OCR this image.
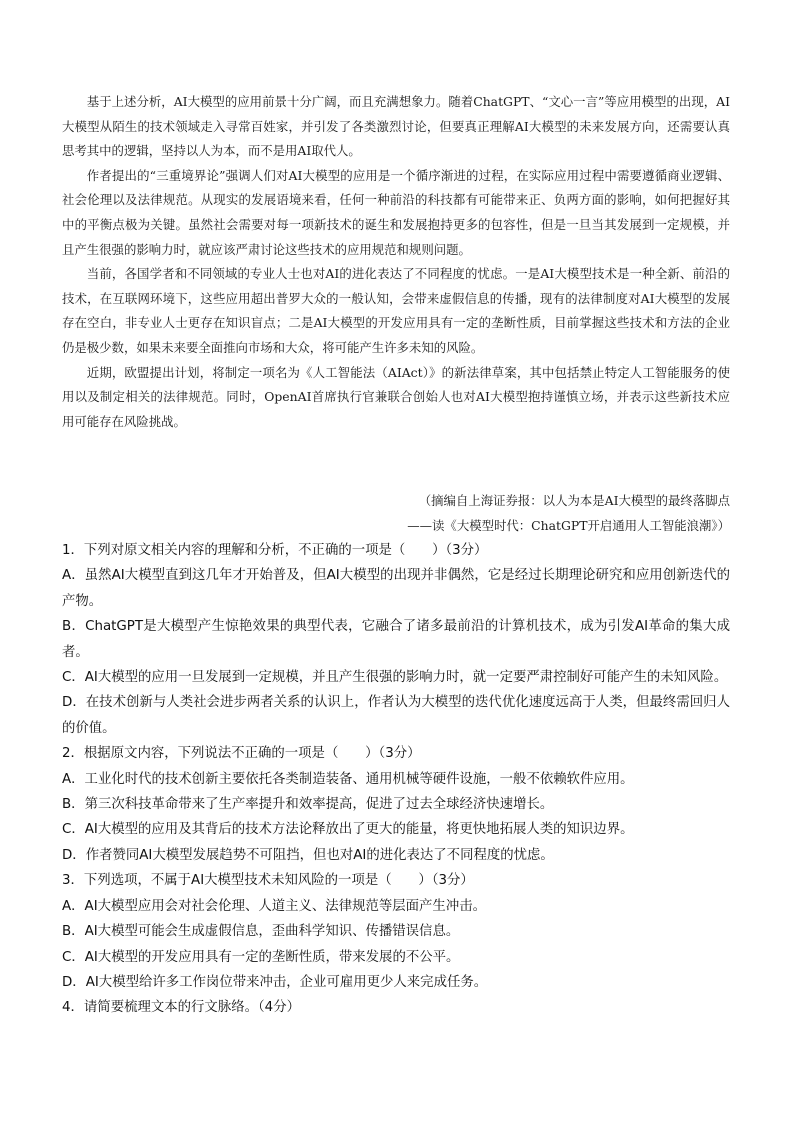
基于上述分析，AI大模型的应用前景十分广阔，而且充满想象力。随着ChatGPT、“文心一言”等应用模型的出现，AI大模型从陌生的技术领域走入寻常百姓家，并引发了各类激烈讨论，但要真正理解AI大模型的未来发展方向，还需要认真思考其中的逻辑，坚持以人为本，而不是用AI取代人。

作者提出的“三重境界论”强调人们对AI大模型的应用是一个循序渐进的过程，在实际应用过程中需要遵循商业逻辑、社会伦理以及法律规范。从现实的发展语境来看，任何一种前沿的科技都有可能带来正、负两方面的影响，如何把握好其中的平衡点极为关键。虽然社会需要对每一项新技术的诞生和发展抱持更多的包容性，但是一旦当其发展到一定规模，并且产生很强的影响力时，就应该严肃讨论这些技术的应用规范和规则问题。

当前，各国学者和不同领域的专业人士也对AI的进化表达了不同程度的忧虑。一是AI大模型技术是一种全新、前沿的技术，在互联网环境下，这些应用超出普罗大众的一般认知，会带来虚假信息的传播，现有的法律制度对AI大模型的发展存在空白，非专业人士更存在知识盲点；二是AI大模型的开发应用具有一定的垄断性质，目前掌握这些技术和方法的企业仍是极少数，如果未来要全面推向市场和大众，将可能产生许多未知的风险。

近期，欧盟提出计划，将制定一项名为《人工智能法（AIAct）》的新法律草案，其中包括禁止特定人工智能服务的使用以及制定相关的法律规范。同时，OpenAI首席执行官兼联合创始人也对AI大模型抱持谨慎立场，并表示这些新技术应用可能存在风险挑战。

（摘编自上海证券报：以人为本是AI大模型的最终落脚点
——读《大模型时代：ChatGPT开启通用人工智能浪潮》）

1．下列对原文相关内容的理解和分析，不正确的一项是（　　）（3分）

A．虽然AI大模型直到这几年才开始普及，但AI大模型的出现并非偶然，它是经过长期理论研究和应用创新迭代的产物。

B．ChatGPT是大模型产生惊艳效果的典型代表，它融合了诸多最前沿的计算机技术，成为引发AI革命的集大成者。

C．AI大模型的应用一旦发展到一定规模，并且产生很强的影响力时，就一定要严肃控制好可能产生的未知风险。

D．在技术创新与人类社会进步两者关系的认识上，作者认为大模型的迭代优化速度远高于人类，但最终需回归人的价值。

2．根据原文内容，下列说法不正确的一项是（　　）（3分）

A．工业化时代的技术创新主要依托各类制造装备、通用机械等硬件设施，一般不依赖软件应用。

B．第三次科技革命带来了生产率提升和效率提高，促进了过去全球经济快速增长。

C．AI大模型的应用及其背后的技术方法论释放出了更大的能量，将更快地拓展人类的知识边界。

D．作者赞同AI大模型发展趋势不可阻挡，但也对AI的进化表达了不同程度的忧虑。

3．下列选项，不属于AI大模型技术未知风险的一项是（　　）（3分）

A．AI大模型应用会对社会伦理、人道主义、法律规范等层面产生冲击。

B．AI大模型可能会生成虚假信息，歪曲科学知识、传播错误信息。

C．AI大模型的开发应用具有一定的垄断性质，带来发展的不公平。

D．AI大模型给许多工作岗位带来冲击，企业可雇用更少人来完成任务。

4．请简要梳理文本的行文脉络。（4分）
